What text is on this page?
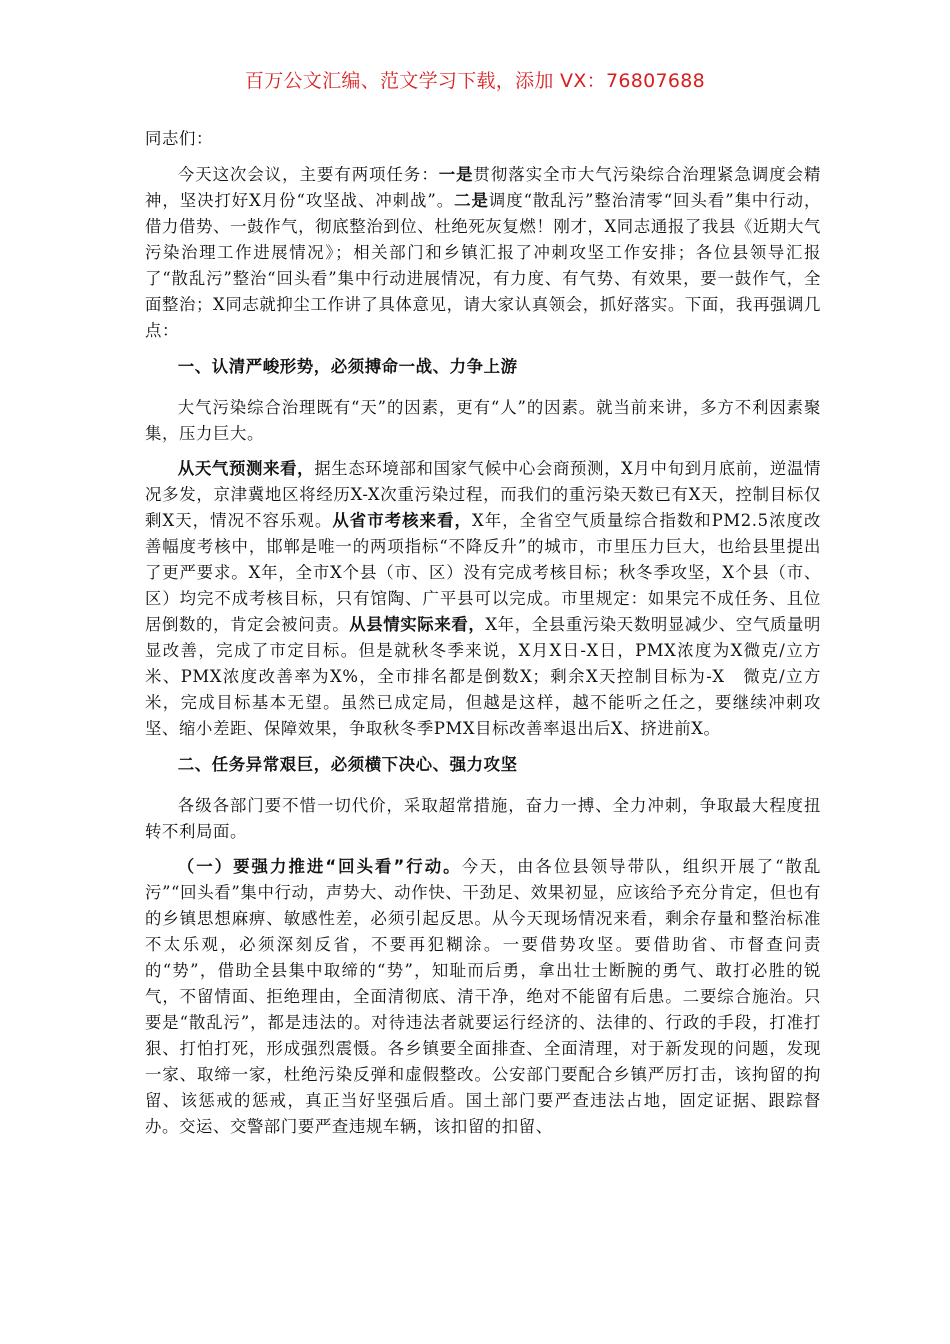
百万公文汇编、范文学习下载，添加 VX：76807688

同志们：

今天这次会议，主要有两项任务：一是贯彻落实全市大气污染综合治理紧急调度会精神，坚决打好X月份“攻坚战、冲刺战”。二是调度“散乱污”整治清零“回头看”集中行动，借力借势、一鼓作气，彻底整治到位、杜绝死灰复燃！刚才，X同志通报了我县《近期大气污染治理工作进展情况》；相关部门和乡镇汇报了冲刺攻坚工作安排；各位县领导汇报了“散乱污”整治“回头看”集中行动进展情况，有力度、有气势、有效果，要一鼓作气，全面整治；X同志就抑尘工作讲了具体意见，请大家认真领会，抓好落实。下面，我再强调几点：

一、认清严峻形势，必须搏命一战、力争上游

大气污染综合治理既有“天”的因素，更有“人”的因素。就当前来讲，多方不利因素聚集，压力巨大。

从天气预测来看，据生态环境部和国家气候中心会商预测，X月中旬到月底前，逆温情况多发，京津冀地区将经历X-X次重污染过程，而我们的重污染天数已有X天，控制目标仅剩X天，情况不容乐观。从省市考核来看，X年，全省空气质量综合指数和PM2.5浓度改善幅度考核中，邯郸是唯一的两项指标“不降反升”的城市，市里压力巨大，也给县里提出了更严要求。X年，全市X个县（市、区）没有完成考核目标；秋冬季攻坚，X个县（市、区）均完不成考核目标，只有馆陶、广平县可以完成。市里规定：如果完不成任务、且位居倒数的，肯定会被问责。从县情实际来看，X年，全县重污染天数明显减少、空气质量明显改善，完成了市定目标。但是就秋冬季来说，X月X日-X日，PMX浓度为X微克/立方米、PMX浓度改善率为X%，全市排名都是倒数X；剩余X天控制目标为-X　微克/立方米，完成目标基本无望。虽然已成定局，但越是这样，越不能听之任之，要继续冲刺攻坚、缩小差距、保障效果，争取秋冬季PMX目标改善率退出后X、挤进前X。

二、任务异常艰巨，必须横下决心、强力攻坚

各级各部门要不惜一切代价，采取超常措施，奋力一搏、全力冲刺，争取最大程度扭转不利局面。

（一）要强力推进“回头看”行动。今天，由各位县领导带队，组织开展了“散乱污”“回头看”集中行动，声势大、动作快、干劲足、效果初显，应该给予充分肯定，但也有的乡镇思想麻痹、敏感性差，必须引起反思。从今天现场情况来看，剩余存量和整治标准不太乐观，必须深刻反省，不要再犯糊涂。一要借势攻坚。要借助省、市督查问责的“势”，借助全县集中取缔的“势”，知耻而后勇，拿出壮士断腕的勇气、敢打必胜的锐气，不留情面、拒绝理由，全面清彻底、清干净，绝对不能留有后患。二要综合施治。只要是“散乱污”，都是违法的。对待违法者就要运行经济的、法律的、行政的手段，打准打狠、打怕打死，形成强烈震慑。各乡镇要全面排查、全面清理，对于新发现的问题，发现一家、取缔一家，杜绝污染反弹和虚假整改。公安部门要配合乡镇严厉打击，该拘留的拘留、该惩戒的惩戒，真正当好坚强后盾。国土部门要严查违法占地，固定证据、跟踪督办。交运、交警部门要严查违规车辆，该扣留的扣留、
